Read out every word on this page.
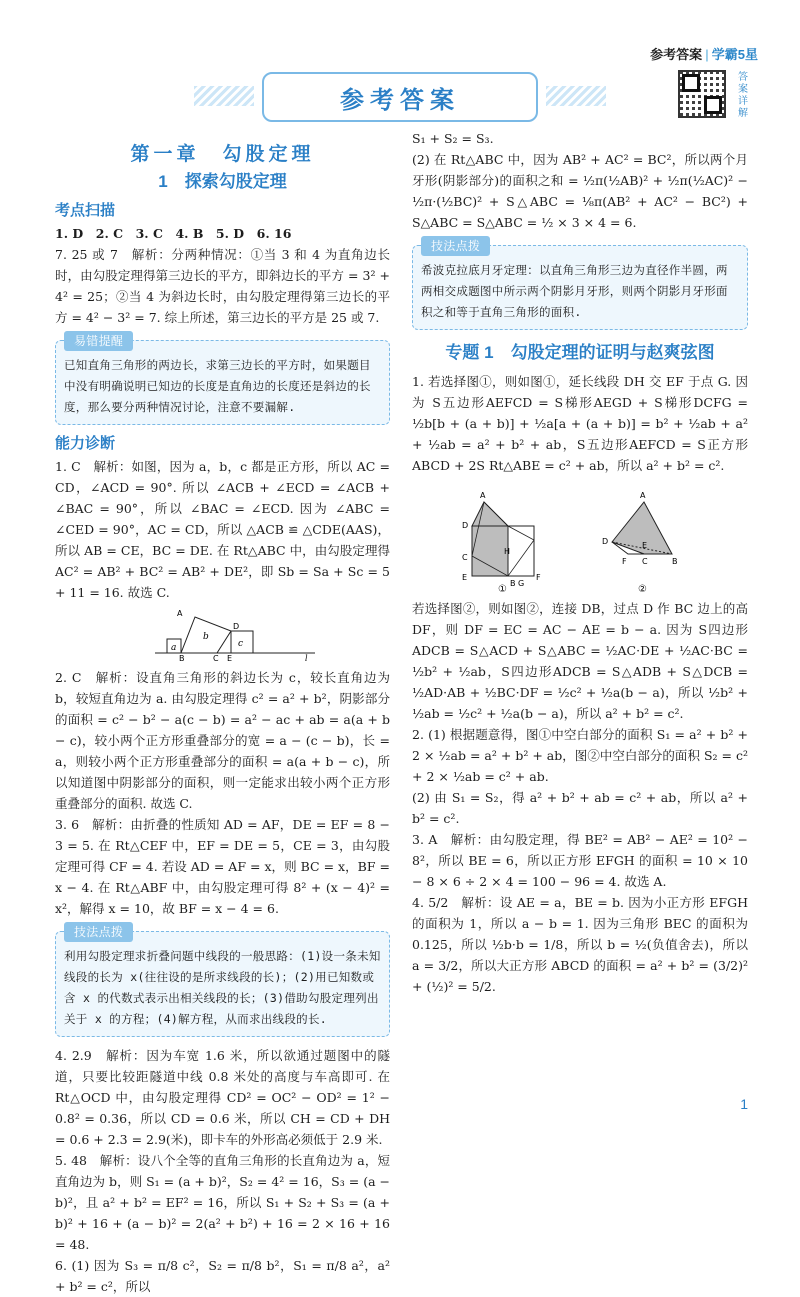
参考答案 | 学霸5星
答案详解
参考答案
第一章　勾股定理
1　探索勾股定理
考点扫描
1. D　2. C　3. C　4. B　5. D　6. 16
7. 25 或 7　解析：分两种情况：①当 3 和 4 为直角边长时，由勾股定理得第三边长的平方，即斜边长的平方 = 3² + 4² = 25；②当 4 为斜边长时，由勾股定理得第三边长的平方 = 4² − 3² = 7. 综上所述，第三边长的平方是 25 或 7.
易错提醒
已知直角三角形的两边长，求第三边长的平方时，如果题目中没有明确说明已知边的长度是直角边的长度还是斜边的长度，那么要分两种情况讨论，注意不要漏解.
能力诊断
1. C　解析：如图，因为 a，b，c 都是正方形，所以 AC = CD，∠ACD = 90°. 所以 ∠ACB + ∠ECD = ∠ACB + ∠BAC = 90°，所以 ∠BAC = ∠ECD. 因为 ∠ABC = ∠CED = 90°，AC = CD，所以 △ACB ≌ △CDE(AAS)，所以 AB = CE，BC = DE. 在 Rt△ABC 中，由勾股定理得 AC² = AB² + BC² = AB² + DE²，即 Sb = Sa + Sc = 5 + 11 = 16. 故选 C.
a
b
c
A
B	C E
D
l
2. C　解析：设直角三角形的斜边长为 c，较长直角边为 b，较短直角边为 a. 由勾股定理得 c² = a² + b²，阴影部分的面积 = c² − b² − a(c − b) = a² − ac + ab = a(a + b − c)，较小两个正方形重叠部分的宽 = a − (c − b)，长 = a，则较小两个正方形重叠部分的面积 = a(a + b − c)，所以知道图中阴影部分的面积，则一定能求出较小两个正方形重叠部分的面积. 故选 C.
3. 6　解析：由折叠的性质知 AD = AF，DE = EF = 8 − 3 = 5. 在 Rt△CEF 中，EF = DE = 5，CE = 3，由勾股定理可得 CF = 4. 若设 AD = AF = x，则 BC = x，BF = x − 4. 在 Rt△ABF 中，由勾股定理可得 8² + (x − 4)² = x²，解得 x = 10，故 BF = x − 4 = 6.
技法点拨
利用勾股定理求折叠问题中线段的一般思路：(1)设一条未知线段的长为 x(往往设的是所求线段的长)；(2)用已知数或含 x 的代数式表示出相关线段的长；(3)借助勾股定理列出关于 x 的方程；(4)解方程，从而求出线段的长.
4. 2.9　解析：因为车宽 1.6 米，所以欲通过题图中的隧道，只要比较距隧道中线 0.8 米处的高度与车高即可. 在 Rt△OCD 中，由勾股定理得 CD² = OC² − OD² = 1² − 0.8² = 0.36，所以 CD = 0.6 米，所以 CH = CD + DH = 0.6 + 2.3 = 2.9(米)，即卡车的外形高必须低于 2.9 米.
5. 48　解析：设八个全等的直角三角形的长直角边为 a，短直角边为 b，则 S₁ = (a + b)²，S₂ = 4² = 16，S₃ = (a − b)²，且 a² + b² = EF² = 16，所以 S₁ + S₂ + S₃ = (a + b)² + 16 + (a − b)² = 2(a² + b²) + 16 = 2 × 16 + 16 = 48.
6. (1) 因为 S₃ = π/8 c²，S₂ = π/8 b²，S₁ = π/8 a²，a² + b² = c²，所以
S₁ + S₂ = S₃.
(2) 在 Rt△ABC 中，因为 AB² + AC² = BC²，所以两个月牙形(阴影部分)的面积之和 = ½π(½AB)² + ½π(½AC)² − ½π·(½BC)² + S△ABC = ⅛π(AB² + AC² − BC²) + S△ABC = S△ABC = ½ × 3 × 4 = 6.
技法点拨
希波克拉底月牙定理：以直角三角形三边为直径作半圆，两两相交成题图中所示两个阴影月牙形，则两个阴影月牙形面积之和等于直角三角形的面积.
专题 1　勾股定理的证明与赵爽弦图
1. 若选择图①，则如图①，延长线段 DH 交 EF 于点 G. 因为 S五边形AEFCD = S梯形AEGD + S梯形DCFG = ½b[b + (a + b)] + ½a[a + (a + b)] = b² + ½ab + a² + ½ab = a² + b² + ab，S五边形AEFCD = S正方形ABCD + 2S Rt△ABE = c² + ab，所以 a² + b² = c².
A
D
C
E
B G
F
H
①
A
D	E
F C	B
②
若选择图②，则如图②，连接 DB，过点 D 作 BC 边上的高 DF，则 DF = EC = AC − AE = b − a. 因为 S四边形ADCB = S△ACD + S△ABC = ½AC·DE + ½AC·BC = ½b² + ½ab，S四边形ADCB = S△ADB + S△DCB = ½AD·AB + ½BC·DF = ½c² + ½a(b − a)，所以 ½b² + ½ab = ½c² + ½a(b − a)，所以 a² + b² = c².
2. (1) 根据题意得，图①中空白部分的面积 S₁ = a² + b² + 2 × ½ab = a² + b² + ab，图②中空白部分的面积 S₂ = c² + 2 × ½ab = c² + ab.
(2) 由 S₁ = S₂，得 a² + b² + ab = c² + ab，所以 a² + b² = c².
3. A　解析：由勾股定理，得 BE² = AB² − AE² = 10² − 8²，所以 BE = 6，所以正方形 EFGH 的面积 = 10 × 10 − 8 × 6 ÷ 2 × 4 = 100 − 96 = 4. 故选 A.
4. 5/2　解析：设 AE = a，BE = b. 因为小正方形 EFGH 的面积为 1，所以 a − b = 1. 因为三角形 BEC 的面积为 0.125，所以 ½b·b = 1/8，所以 b = ½(负值舍去)，所以 a = 3/2，所以大正方形 ABCD 的面积 = a² + b² = (3/2)² + (½)² = 5/2.
1
